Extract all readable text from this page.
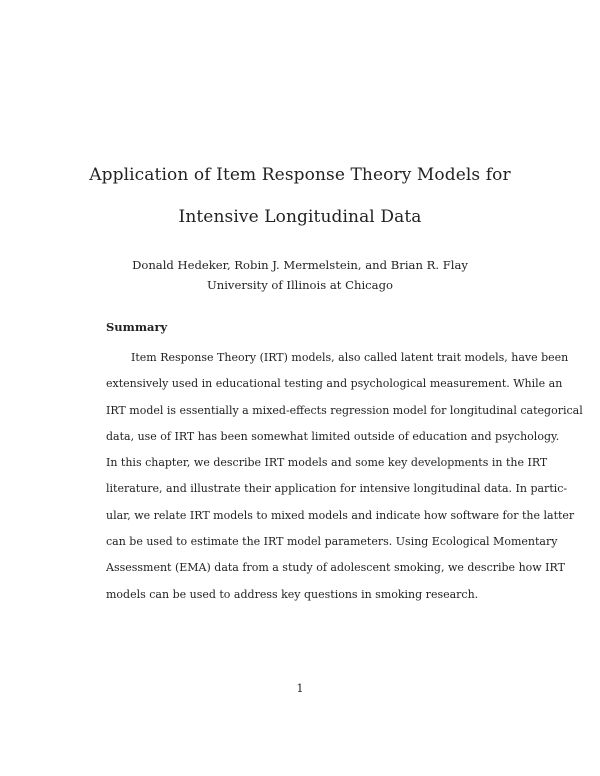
Application of Item Response Theory Models for
Intensive Longitudinal Data
Donald Hedeker, Robin J. Mermelstein, and Brian R. Flay
University of Illinois at Chicago
Summary
Item Response Theory (IRT) models, also called latent trait models, have been
extensively used in educational testing and psychological measurement. While an
IRT model is essentially a mixed-effects regression model for longitudinal categorical
data, use of IRT has been somewhat limited outside of education and psychology.
In this chapter, we describe IRT models and some key developments in the IRT
literature, and illustrate their application for intensive longitudinal data. In partic-
ular, we relate IRT models to mixed models and indicate how software for the latter
can be used to estimate the IRT model parameters. Using Ecological Momentary
Assessment (EMA) data from a study of adolescent smoking, we describe how IRT
models can be used to address key questions in smoking research.
1
